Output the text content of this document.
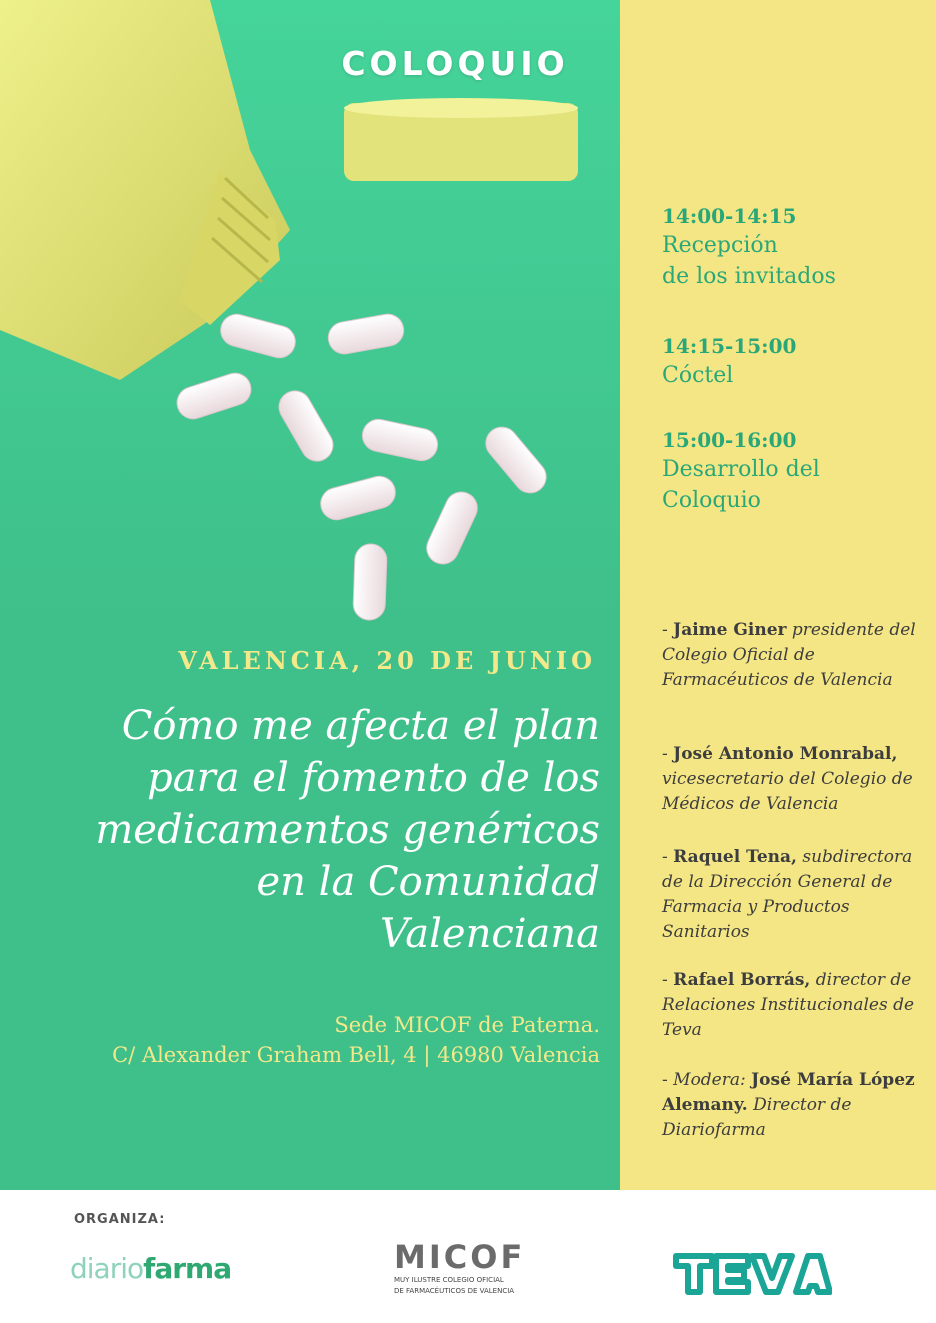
COLOQUIO
VALENCIA, 20 DE JUNIO
Cómo me afecta el plan
para el fomento de los
medicamentos genéricos
en la Comunidad
Valenciana
Sede MICOF de Paterna.
C/ Alexander Graham Bell, 4 | 46980 Valencia
14:00-14:15
Recepción
de los invitados
14:15-15:00
Cóctel
15:00-16:00
Desarrollo del
Coloquio
- Jaime Giner presidente del Colegio Oficial de Farmacéuticos de Valencia
- José Antonio Monrabal, vicesecretario del Colegio de Médicos de Valencia
- Raquel Tena, subdirectora de la Dirección General de Farmacia y Productos Sanitarios
- Rafael Borrás, director de Relaciones Institucionales de Teva
- Modera: José María López Alemany. Director de Diariofarma
ORGANIZA:
diariofarma	MICOF
MUY ILUSTRE COLEGIO OFICIAL
DE FARMACÉUTICOS DE VALENCIA
